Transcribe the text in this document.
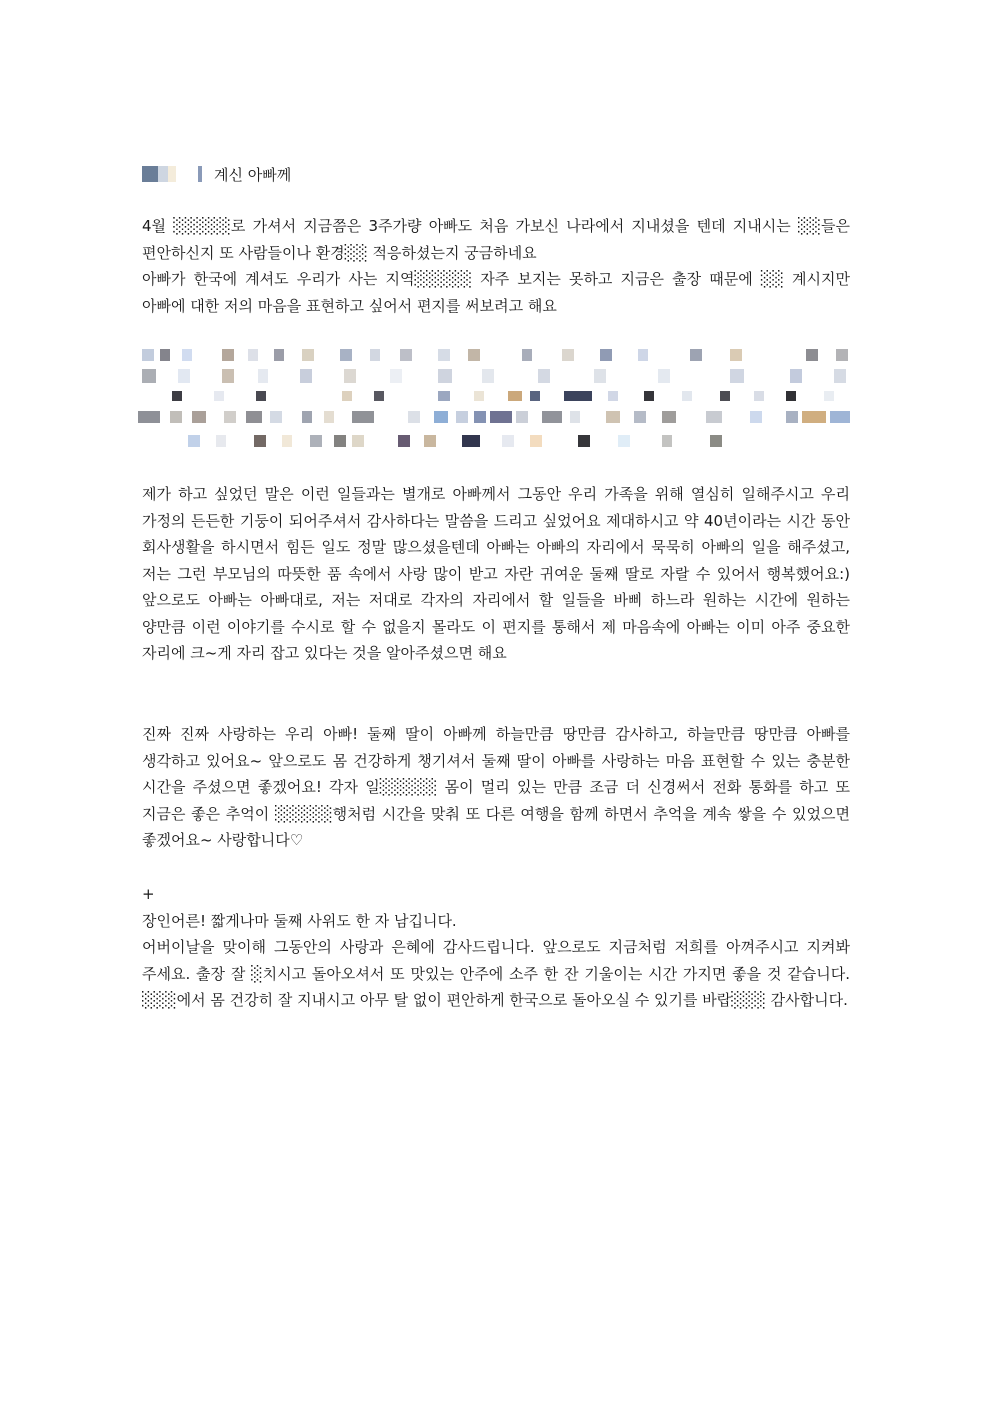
계신 아빠께
4월 ░░░░░로 가셔서 지금쯤은 3주가량 아빠도 처음 가보신 나라에서 지내셨을 텐데 지내시는 ░░들은 편안하신지 또 사람들이나 환경░░ 적응하셨는지 궁금하네요
아빠가 한국에 계셔도 우리가 사는 지역░░░░░ 자주 보지는 못하고 지금은 출장 때문에 ░░ 계시지만 아빠에 대한 저의 마음을 표현하고 싶어서 편지를 써보려고 해요
제가 하고 싶었던 말은 이런 일들과는 별개로 아빠께서 그동안 우리 가족을 위해 열심히 일해주시고 우리 가정의 든든한 기둥이 되어주셔서 감사하다는 말씀을 드리고 싶었어요 제대하시고 약 40년이라는 시간 동안 회사생활을 하시면서 힘든 일도 정말 많으셨을텐데 아빠는 아빠의 자리에서 묵묵히 아빠의 일을 해주셨고, 저는 그런 부모님의 따뜻한 품 속에서 사랑 많이 받고 자란 귀여운 둘째 딸로 자랄 수 있어서 행복했어요:) 앞으로도 아빠는 아빠대로, 저는 저대로 각자의 자리에서 할 일들을 바삐 하느라 원하는 시간에 원하는 양만큼 이런 이야기를 수시로 할 수 없을지 몰라도 이 편지를 통해서 제 마음속에 아빠는 이미 아주 중요한 자리에 크~게 자리 잡고 있다는 것을 알아주셨으면 해요
진짜 진짜 사랑하는 우리 아빠! 둘째 딸이 아빠께 하늘만큼 땅만큼 감사하고, 하늘만큼 땅만큼 아빠를 생각하고 있어요~ 앞으로도 몸 건강하게 챙기셔서 둘째 딸이 아빠를 사랑하는 마음 표현할 수 있는 충분한 시간을 주셨으면 좋겠어요! 각자 일░░░░░ 몸이 멀리 있는 만큼 조금 더 신경써서 전화 통화를 하고 또 지금은 좋은 추억이 ░░░░░행처럼 시간을 맞춰 또 다른 여행을 함께 하면서 추억을 계속 쌓을 수 있었으면 좋겠어요~ 사랑합니다♡
+
장인어른! 짧게나마 둘째 사위도 한 자 남깁니다.
어버이날을 맞이해 그동안의 사랑과 은혜에 감사드립니다. 앞으로도 지금처럼 저희를 아껴주시고 지켜봐 주세요. 출장 잘 ░치시고 돌아오셔서 또 맛있는 안주에 소주 한 잔 기울이는 시간 가지면 좋을 것 같습니다. ░░░에서 몸 건강히 잘 지내시고 아무 탈 없이 편안하게 한국으로 돌아오실 수 있기를 바랍░░░ 감사합니다.
